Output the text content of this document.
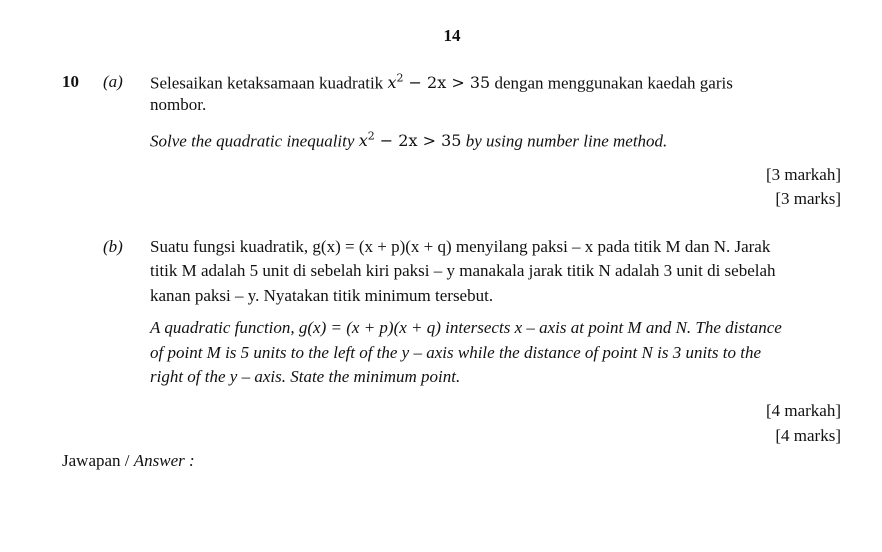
14
10 (a) Selesaikan ketaksamaan kuadratik $x^2 - 2x > 35$ dengan menggunakan kaedah garis
nombor.
Solve the quadratic inequality $x^2 - 2x > 35$ by using number line method.
[3 markah]
[3 marks]
(b) Suatu fungsi kuadratik, g(x) = (x + p)(x + q) menyilang paksi – x pada titik M dan N. Jarak
titik M adalah 5 unit di sebelah kiri paksi – y manakala jarak titik N adalah 3 unit di sebelah
kanan paksi – y. Nyatakan titik minimum tersebut.
A quadratic function, g(x) = (x + p)(x + q) intersects x – axis at point M and N. The distance
of point M is 5 units to the left of the y – axis while the distance of point N is 3 units to the
right of the y – axis. State the minimum point.
[4 markah]
[4 marks]
Jawapan / Answer :
